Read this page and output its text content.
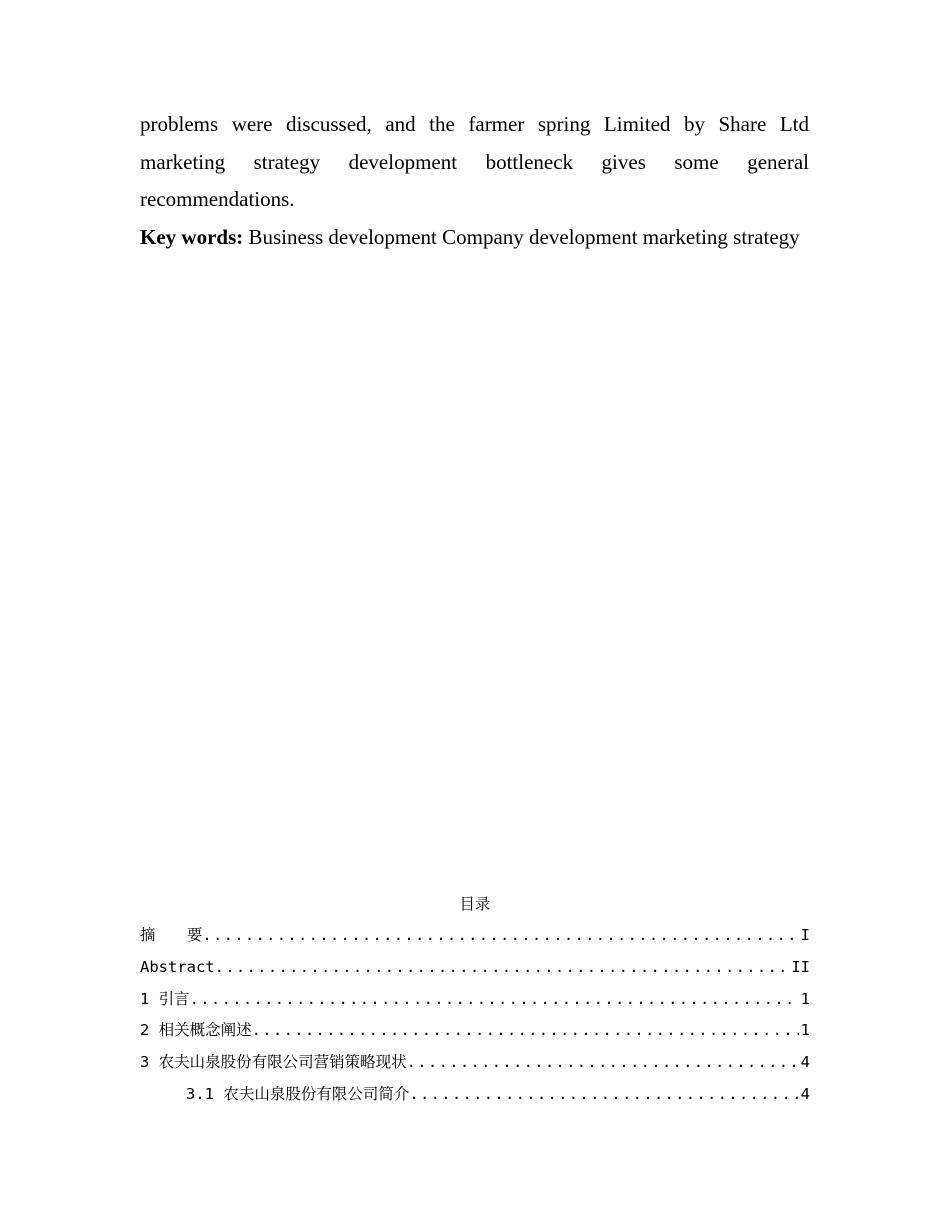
problems were discussed, and the farmer spring Limited by Share Ltd marketing strategy development bottleneck gives some general recommendations.

Key words: Business development Company development marketing strategy

目录
摘 要 .....	I
Abstract .....	II
1 引言 .....	1
2 相关概念阐述 .....	1
3 农夫山泉股份有限公司营销策略现状 .....	4
3.1 农夫山泉股份有限公司简介 .....	4
